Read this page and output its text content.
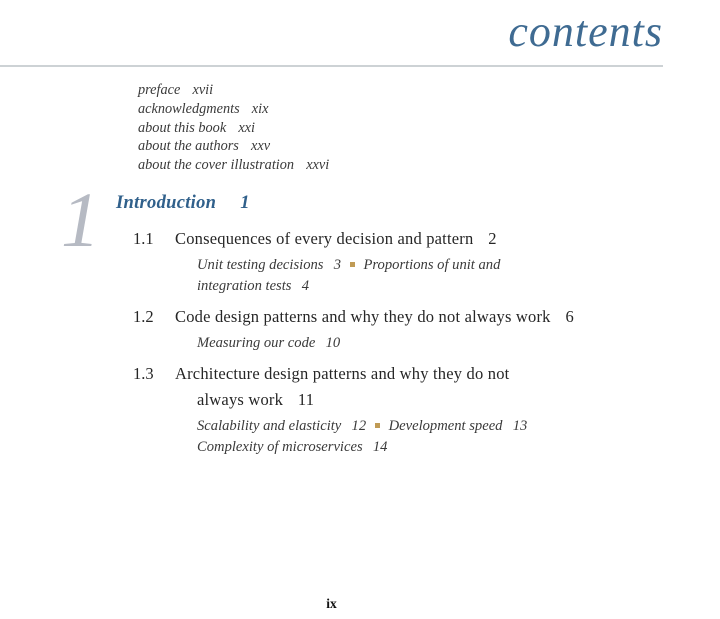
contents
preface xvii
acknowledgments xix
about this book xxi
about the authors xxv
about the cover illustration xxvi
1 Introduction 1
1.1	Consequences of every decision and pattern 2
Unit testing decisions 3 Proportions of unit and
integration tests 4
1.2	Code design patterns and why they do not always work 6
Measuring our code 10
1.3	Architecture design patterns and why they do not
always work 11
Scalability and elasticity 12 Development speed 13
Complexity of microservices 14
ix
